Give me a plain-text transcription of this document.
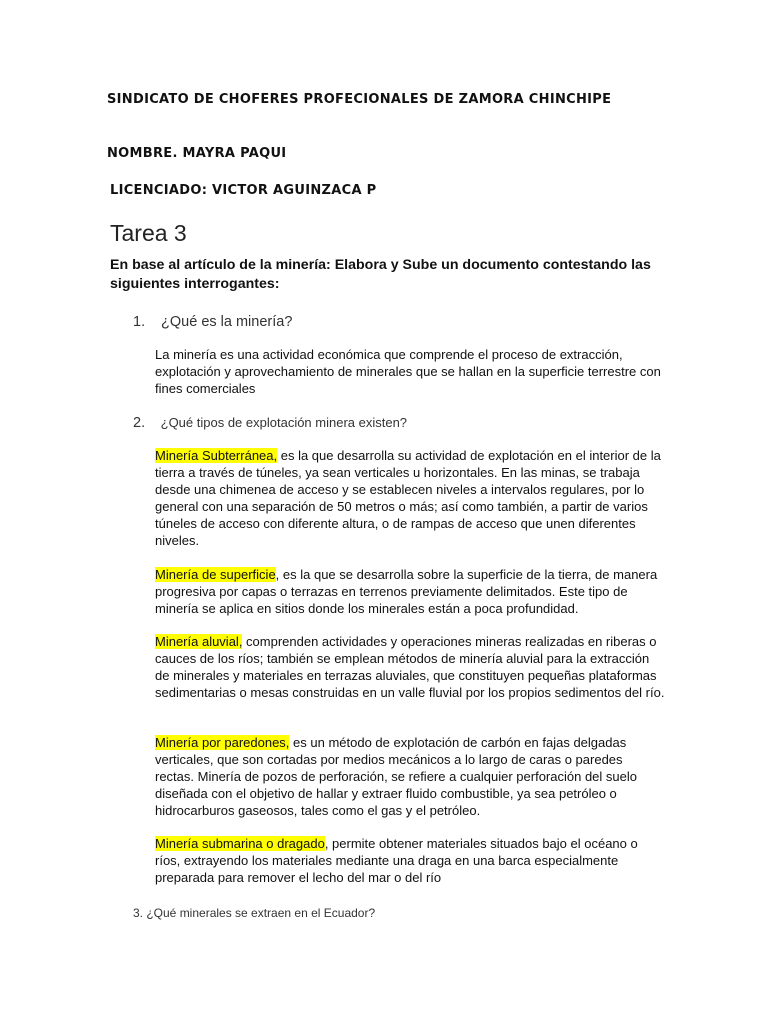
SINDICATO DE CHOFERES PROFECIONALES DE ZAMORA CHINCHIPE
NOMBRE. MAYRA PAQUI
LICENCIADO: VICTOR AGUINZACA P
Tarea 3
En base al artículo de la minería: Elabora y Sube un documento contestando las siguientes interrogantes:
1. ¿Qué es la minería?
La minería es una actividad económica que comprende el proceso de extracción, explotación y aprovechamiento de minerales que se hallan en la superficie terrestre con fines comerciales
2. ¿Qué tipos de explotación minera existen?
Minería Subterránea, es la que desarrolla su actividad de explotación en el interior de la tierra a través de túneles, ya sean verticales u horizontales. En las minas, se trabaja desde una chimenea de acceso y se establecen niveles a intervalos regulares, por lo general con una separación de 50 metros o más; así como también, a partir de varios túneles de acceso con diferente altura, o de rampas de acceso que unen diferentes niveles.
Minería de superficie, es la que se desarrolla sobre la superficie de la tierra, de manera progresiva por capas o terrazas en terrenos previamente delimitados. Este tipo de minería se aplica en sitios donde los minerales están a poca profundidad.
Minería aluvial, comprenden actividades y operaciones mineras realizadas en riberas o cauces de los ríos; también se emplean métodos de minería aluvial para la extracción de minerales y materiales en terrazas aluviales, que constituyen pequeñas plataformas sedimentarias o mesas construidas en un valle fluvial por los propios sedimentos del río.
Minería por paredones, es un método de explotación de carbón en fajas delgadas verticales, que son cortadas por medios mecánicos a lo largo de caras o paredes rectas. Minería de pozos de perforación, se refiere a cualquier perforación del suelo diseñada con el objetivo de hallar y extraer fluido combustible, ya sea petróleo o hidrocarburos gaseosos, tales como el gas y el petróleo.
Minería submarina o dragado, permite obtener materiales situados bajo el océano o ríos, extrayendo los materiales mediante una draga en una barca especialmente preparada para remover el lecho del mar o del río
3. ¿Qué minerales se extraen en el Ecuador?
